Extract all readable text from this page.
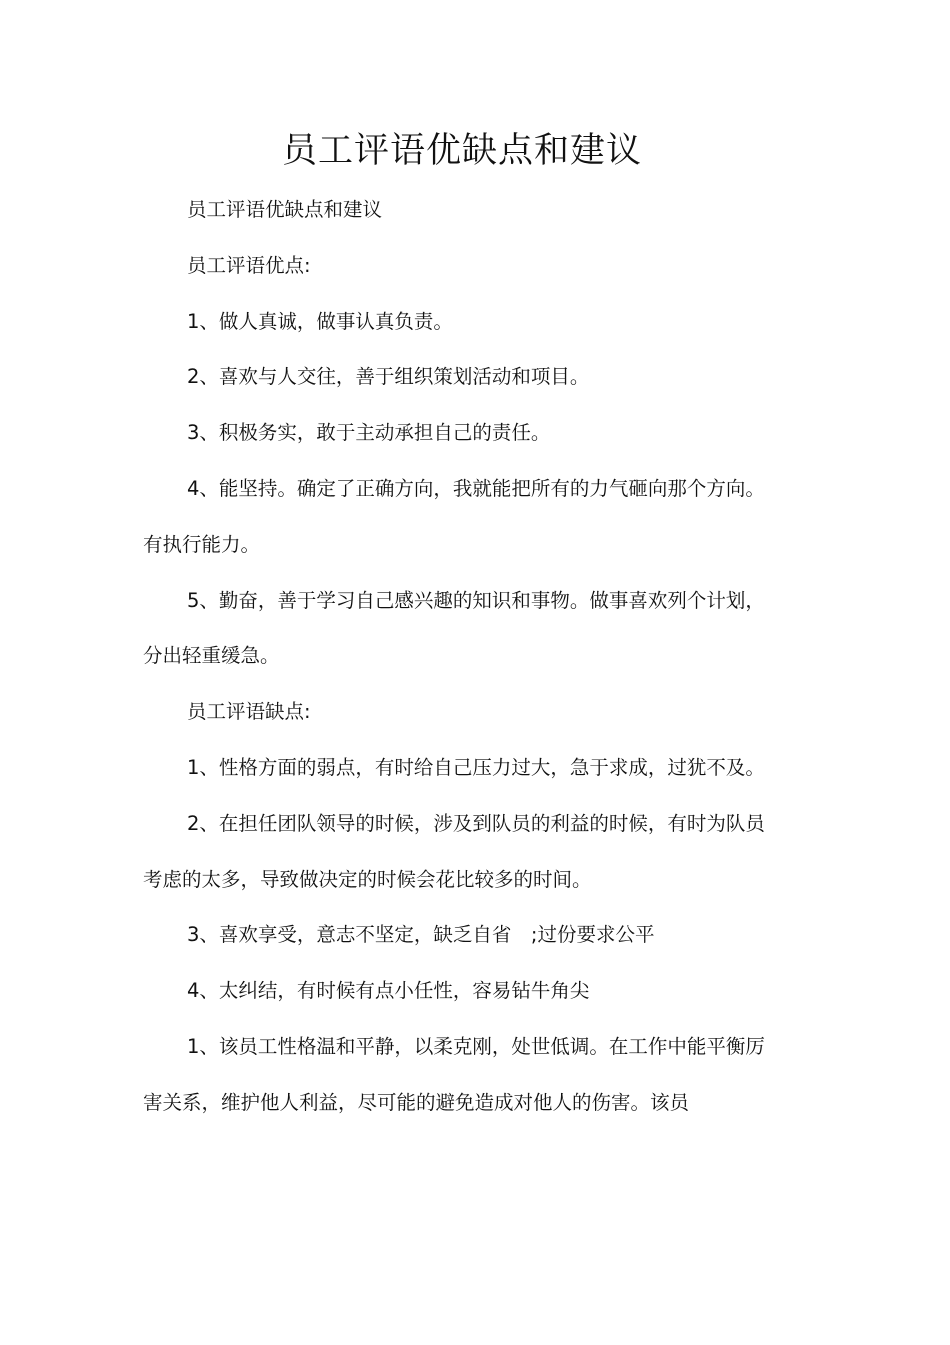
员工评语优缺点和建议

员工评语优缺点和建议

员工评语优点:

1、做人真诚，做事认真负责。

2、喜欢与人交往，善于组织策划活动和项目。

3、积极务实，敢于主动承担自己的责任。

4、能坚持。确定了正确方向，我就能把所有的力气砸向那个方向。有执行能力。

5、勤奋，善于学习自己感兴趣的知识和事物。做事喜欢列个计划，分出轻重缓急。

员工评语缺点:

1、性格方面的弱点，有时给自己压力过大，急于求成，过犹不及。

2、在担任团队领导的时候，涉及到队员的利益的时候，有时为队员考虑的太多，导致做决定的时候会花比较多的时间。

3、喜欢享受，意志不坚定，缺乏自省　;过份要求公平

4、太纠结，有时候有点小任性，容易钻牛角尖

1、该员工性格温和平静，以柔克刚，处世低调。在工作中能平衡厉害关系，维护他人利益，尽可能的避免造成对他人的伤害。该员
